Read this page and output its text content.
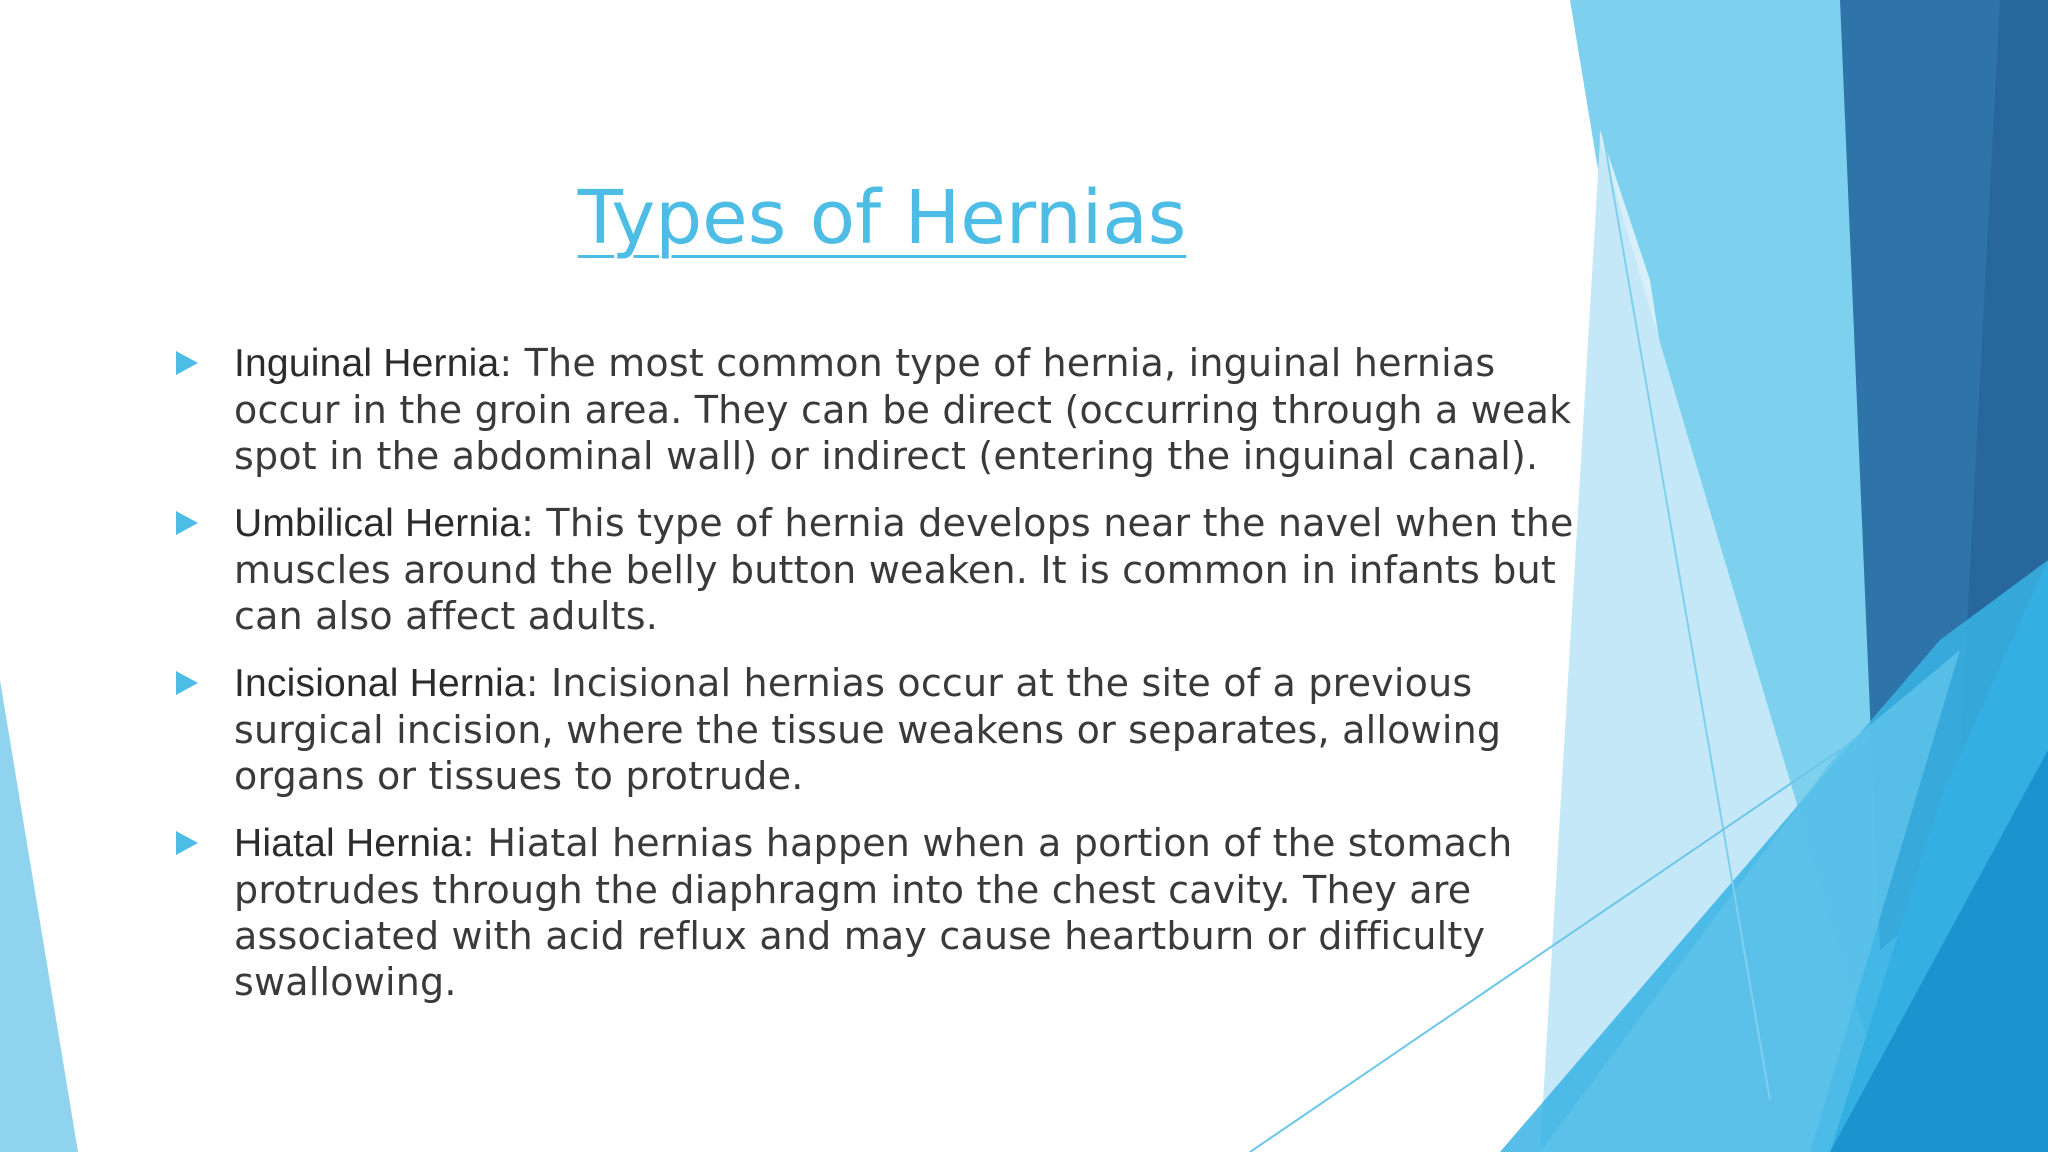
Types of Hernias
Inguinal Hernia: The most common type of hernia, inguinal hernias occur in the groin area. They can be direct (occurring through a weak spot in the abdominal wall) or indirect (entering the inguinal canal).
Umbilical Hernia: This type of hernia develops near the navel when the muscles around the belly button weaken. It is common in infants but can also affect adults.
Incisional Hernia: Incisional hernias occur at the site of a previous surgical incision, where the tissue weakens or separates, allowing organs or tissues to protrude.
Hiatal Hernia: Hiatal hernias happen when a portion of the stomach protrudes through the diaphragm into the chest cavity. They are associated with acid reflux and may cause heartburn or difficulty swallowing.
